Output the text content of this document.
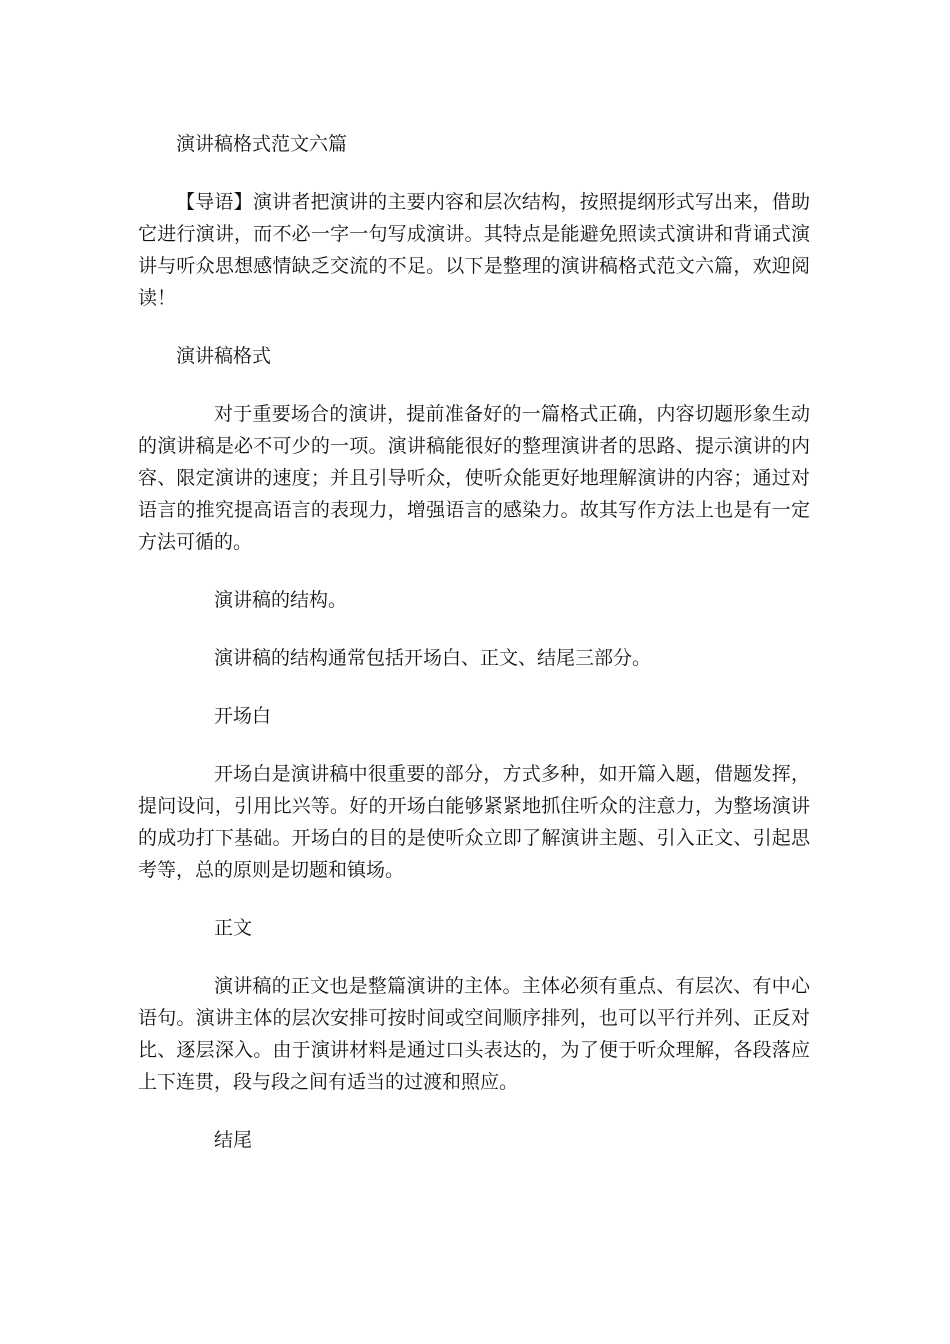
演讲稿格式范文六篇

【导语】演讲者把演讲的主要内容和层次结构，按照提纲形式写出来，借助它进行演讲，而不必一字一句写成演讲。其特点是能避免照读式演讲和背诵式演讲与听众思想感情缺乏交流的不足。以下是整理的演讲稿格式范文六篇，欢迎阅读！

演讲稿格式

对于重要场合的演讲，提前准备好的一篇格式正确，内容切题形象生动的演讲稿是必不可少的一项。演讲稿能很好的整理演讲者的思路、提示演讲的内容、限定演讲的速度；并且引导听众，使听众能更好地理解演讲的内容；通过对语言的推究提高语言的表现力，增强语言的感染力。故其写作方法上也是有一定方法可循的。

演讲稿的结构。

演讲稿的结构通常包括开场白、正文、结尾三部分。

开场白

开场白是演讲稿中很重要的部分，方式多种，如开篇入题，借题发挥，提问设问，引用比兴等。好的开场白能够紧紧地抓住听众的注意力，为整场演讲的成功打下基础。开场白的目的是使听众立即了解演讲主题、引入正文、引起思考等，总的原则是切题和镇场。

正文

演讲稿的正文也是整篇演讲的主体。主体必须有重点、有层次、有中心语句。演讲主体的层次安排可按时间或空间顺序排列，也可以平行并列、正反对比、逐层深入。由于演讲材料是通过口头表达的，为了便于听众理解，各段落应上下连贯，段与段之间有适当的过渡和照应。

结尾
